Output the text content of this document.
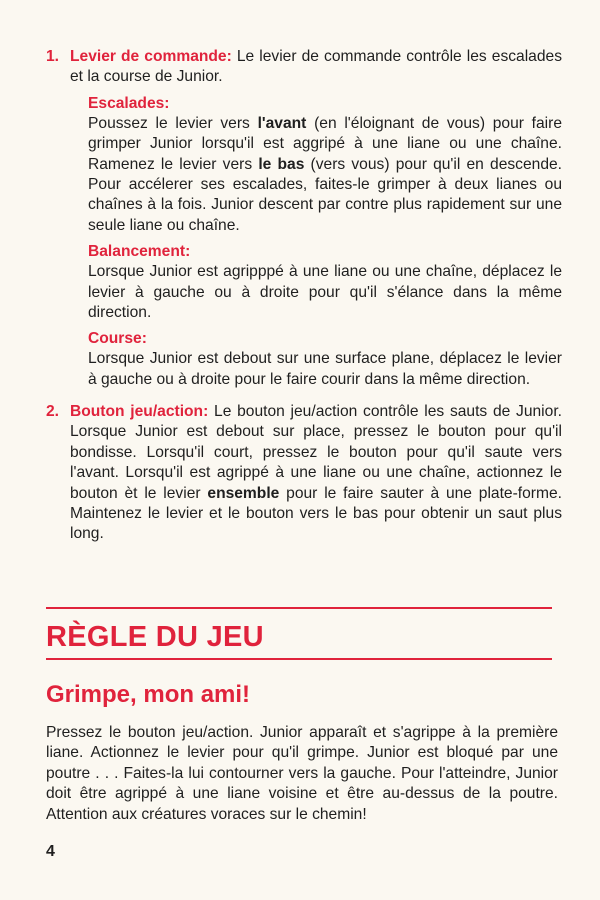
1. Levier de commande: Le levier de commande contrôle les escalades et la course de Junior.
Escalades:
Poussez le levier vers l'avant (en l'éloignant de vous) pour faire grimper Junior lorsqu'il est aggripé à une liane ou une chaîne. Ramenez le levier vers le bas (vers vous) pour qu'il en descende. Pour accélerer ses escalades, faites-le grimper à deux lianes ou chaînes à la fois. Junior descent par contre plus rapidement sur une seule liane ou chaîne.
Balancement:
Lorsque Junior est agripppé à une liane ou une chaîne, déplacez le levier à gauche ou à droite pour qu'il s'élance dans la même direction.
Course:
Lorsque Junior est debout sur une surface plane, déplacez le levier à gauche ou à droite pour le faire courir dans la même direction.
2. Bouton jeu/action: Le bouton jeu/action contrôle les sauts de Junior. Lorsque Junior est debout sur place, pressez le bouton pour qu'il bondisse. Lorsqu'il court, pressez le bouton pour qu'il saute vers l'avant. Lorsqu'il est agrippé à une liane ou une chaîne, actionnez le bouton èt le levier ensemble pour le faire sauter à une plate-forme. Maintenez le levier et le bouton vers le bas pour obtenir un saut plus long.
RÈGLE DU JEU
Grimpe, mon ami!
Pressez le bouton jeu/action. Junior apparaît et s'agrippe à la première liane. Actionnez le levier pour qu'il grimpe. Junior est bloqué par une poutre . . . Faites-la lui contourner vers la gauche. Pour l'atteindre, Junior doit être agrippé à une liane voisine et être au-dessus de la poutre. Attention aux créatures voraces sur le chemin!
4
